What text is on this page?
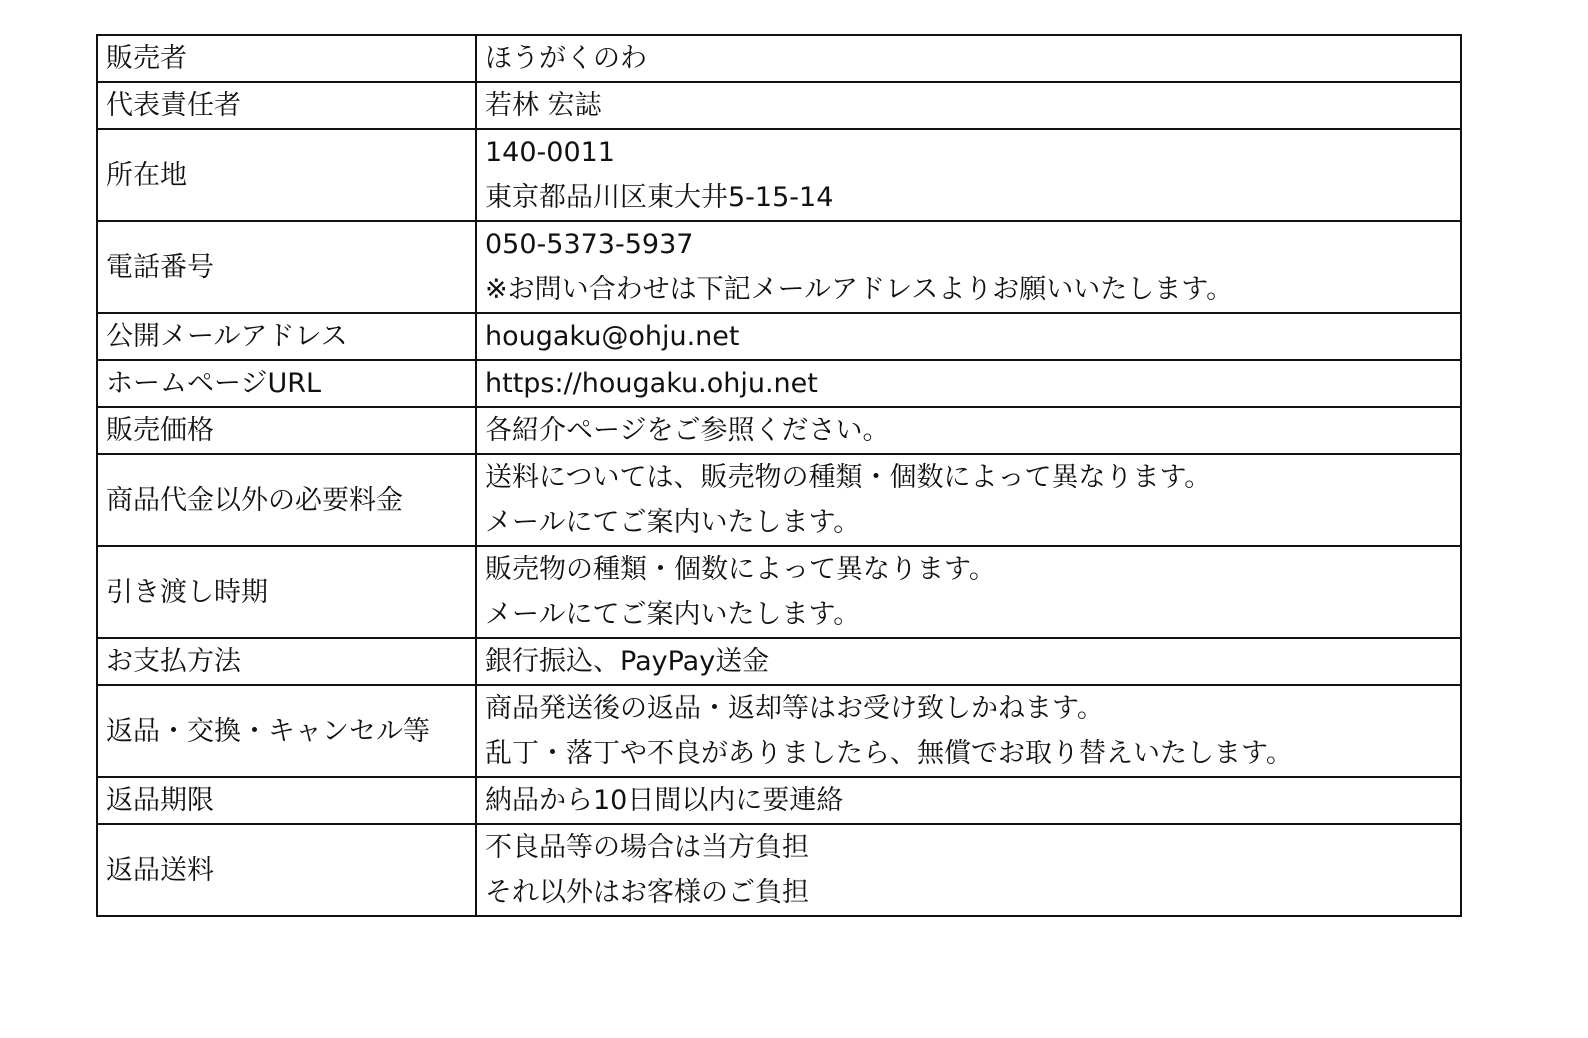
販売者	ほうがくのわ

代表責任者	若林 宏誌

所在地	140-0011
東京都品川区東大井5-15-14

電話番号	050-5373-5937
※お問い合わせは下記メールアドレスよりお願いいたします。

公開メールアドレス	hougaku@ohju.net

ホームページURL	https://hougaku.ohju.net

販売価格	各紹介ページをご参照ください。

商品代金以外の必要料金	送料については、販売物の種類・個数によって異なります。
メールにてご案内いたします。

引き渡し時期	販売物の種類・個数によって異なります。
メールにてご案内いたします。

お支払方法	銀行振込、PayPay送金

返品・交換・キャンセル等	商品発送後の返品・返却等はお受け致しかねます。
乱丁・落丁や不良がありましたら、無償でお取り替えいたします。

返品期限	納品から10日間以内に要連絡

返品送料	不良品等の場合は当方負担
それ以外はお客様のご負担
